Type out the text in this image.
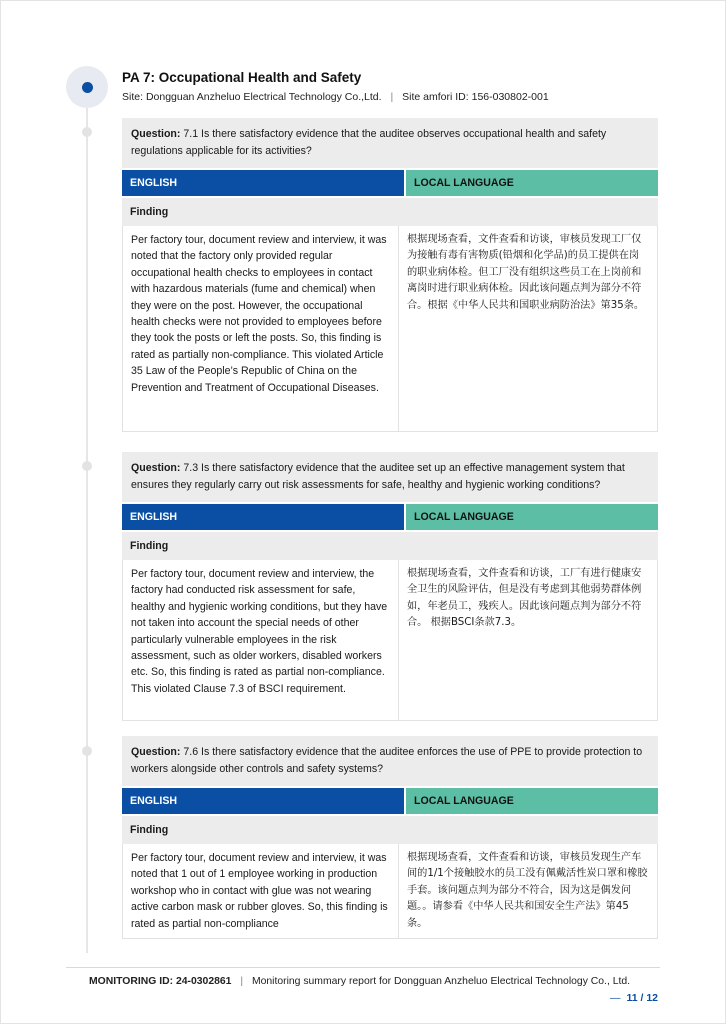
PA 7: Occupational Health and Safety
Site: Dongguan Anzheluo Electrical Technology Co.,Ltd. | Site amfori ID: 156-030802-001
Question: 7.1 Is there satisfactory evidence that the auditee observes occupational health and safety regulations applicable for its activities?
ENGLISH	LOCAL LANGUAGE
Finding
Per factory tour, document review and interview, it was noted that the factory only provided regular occupational health checks to employees in contact with hazardous materials (fume and chemical) when they were on the post. However, the occupational health checks were not provided to employees before they took the posts or left the posts. So, this finding is rated as partially non-compliance. This violated Article 35 Law of the People’s Republic of China on the Prevention and Treatment of Occupational Diseases.
根据现场查看，文件查看和访谈，审核员发现工厂仅为接触有毒有害物质(铅烟和化学品)的员工提供在岗的职业病体检。但工厂没有组织这些员工在上岗前和离岗时进行职业病体检。因此该问题点判为部分不符合。根据《中华人民共和国职业病防治法》第35条。
Question: 7.3 Is there satisfactory evidence that the auditee set up an effective management system that ensures they regularly carry out risk assessments for safe, healthy and hygienic working conditions?
ENGLISH	LOCAL LANGUAGE
Finding
Per factory tour, document review and interview, the factory had conducted risk assessment for safe, healthy and hygienic working conditions, but they have not taken into account the special needs of other particularly vulnerable employees in the risk assessment, such as older workers, disabled workers etc. So, this finding is rated as partial non-compliance. This violated Clause 7.3 of BSCI requirement.
根据现场查看，文件查看和访谈，工厂有进行健康安全卫生的风险评估，但是没有考虑到其他弱势群体例如，年老员工，残疾人。因此该问题点判为部分不符合。 根据BSCI条款7.3。
Question: 7.6 Is there satisfactory evidence that the auditee enforces the use of PPE to provide protection to workers alongside other controls and safety systems?
ENGLISH	LOCAL LANGUAGE
Finding
Per factory tour, document review and interview, it was noted that 1 out of 1 employee working in production workshop who in contact with glue was not wearing active carbon mask or rubber gloves. So, this finding is rated as partial non-compliance
根据现场查看，文件查看和访谈，审核员发现生产车间的1/1个接触胶水的员工没有佩戴活性炭口罩和橡胶手套。该问题点判为部分不符合，因为这是偶发问题。。请参看《中华人民共和国安全生产法》第45条。
MONITORING ID: 24-0302861 | Monitoring summary report for Dongguan Anzheluo Electrical Technology Co., Ltd.
— 11 / 12
